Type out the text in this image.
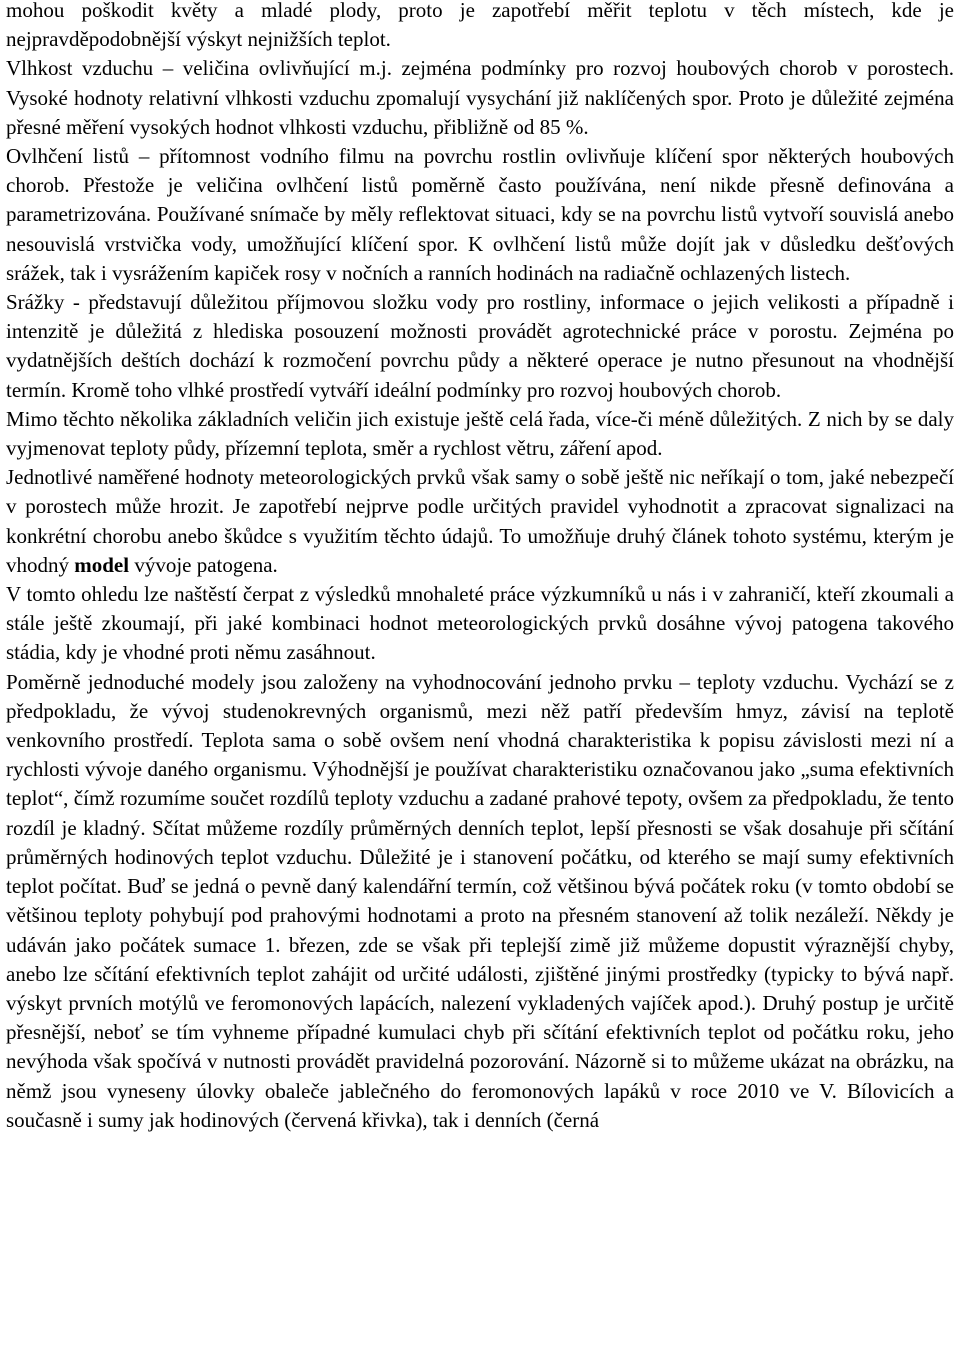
mohou poškodit květy a mladé plody, proto je zapotřebí měřit teplotu v těch místech, kde je nejpravděpodobnější výskyt nejnižších teplot.

Vlhkost vzduchu – veličina ovlivňující m.j. zejména podmínky pro rozvoj houbových chorob v porostech. Vysoké hodnoty relativní vlhkosti vzduchu zpomalují vysychání již naklíčených spor. Proto je důležité zejména přesné měření vysokých hodnot vlhkosti vzduchu, přibližně od 85 %.

Ovlhčení listů – přítomnost vodního filmu na povrchu rostlin ovlivňuje klíčení spor některých houbových chorob. Přestože je veličina ovlhčení listů poměrně často používána, není nikde přesně definována a parametrizována. Používané snímače by měly reflektovat situaci, kdy se na povrchu listů vytvoří souvislá anebo nesouvislá vrstvička vody, umožňující klíčení spor. K ovlhčení listů může dojít jak v důsledku dešťových srážek, tak i vysrážením kapiček rosy v nočních a ranních hodinách na radiačně ochlazených listech.

Srážky - představují důležitou příjmovou složku vody pro rostliny, informace o jejich velikosti a případně i intenzitě je důležitá z hlediska posouzení možnosti provádět agrotechnické práce v porostu. Zejména po vydatnějších deštích dochází k rozmočení povrchu půdy a některé operace je nutno přesunout na vhodnější termín. Kromě toho vlhké prostředí vytváří ideální podmínky pro rozvoj houbových chorob.

Mimo těchto několika základních veličin jich existuje ještě celá řada, více-či méně důležitých. Z nich by se daly vyjmenovat teploty půdy, přízemní teplota, směr a rychlost větru, záření apod.

Jednotlivé naměřené hodnoty meteorologických prvků však samy o sobě ještě nic neříkají o tom, jaké nebezpečí v porostech může hrozit. Je zapotřebí nejprve podle určitých pravidel vyhodnotit a zpracovat signalizaci na konkrétní chorobu anebo škůdce s využitím těchto údajů. To umožňuje druhý článek tohoto systému, kterým je vhodný model vývoje patogena.

V tomto ohledu lze naštěstí čerpat z výsledků mnohaleté práce výzkumníků u nás i v zahraničí, kteří zkoumali a stále ještě zkoumají, při jaké kombinaci hodnot meteorologických prvků dosáhne vývoj patogena takového stádia, kdy je vhodné proti němu zasáhnout.

Poměrně jednoduché modely jsou založeny na vyhodnocování jednoho prvku – teploty vzduchu. Vychází se z předpokladu, že vývoj studenokrevných organismů, mezi něž patří především hmyz, závisí na teplotě venkovního prostředí. Teplota sama o sobě ovšem není vhodná charakteristika k popisu závislosti mezi ní a rychlosti vývoje daného organismu. Výhodnější je používat charakteristiku označovanou jako „suma efektivních teplot“, čímž rozumíme součet rozdílů teploty vzduchu a zadané prahové tepoty, ovšem za předpokladu, že tento rozdíl je kladný. Sčítat můžeme rozdíly průměrných denních teplot, lepší přesnosti se však dosahuje při sčítání průměrných hodinových teplot vzduchu. Důležité je i stanovení počátku, od kterého se mají sumy efektivních teplot počítat. Buď se jedná o pevně daný kalendářní termín, což většinou bývá počátek roku (v tomto období se většinou teploty pohybují pod prahovými hodnotami a proto na přesném stanovení až tolik nezáleží. Někdy je udáván jako počátek sumace 1. březen, zde se však při teplejší zimě již můžeme dopustit výraznější chyby, anebo lze sčítání efektivních teplot zahájit od určité události, zjištěné jinými prostředky (typicky to bývá např. výskyt prvních motýlů ve feromonových lapácích, nalezení vykladených vajíček apod.). Druhý postup je určitě přesnější, neboť se tím vyhneme případné kumulaci chyb při sčítání efektivních teplot od počátku roku, jeho nevýhoda však spočívá v nutnosti provádět pravidelná pozorování. Názorně si to můžeme ukázat na obrázku, na němž jsou vyneseny úlovky obaleče jablečného do feromonových lapáků v roce 2010 ve V. Bílovicích a současně i sumy jak hodinových (červená křivka), tak i denních (černá
